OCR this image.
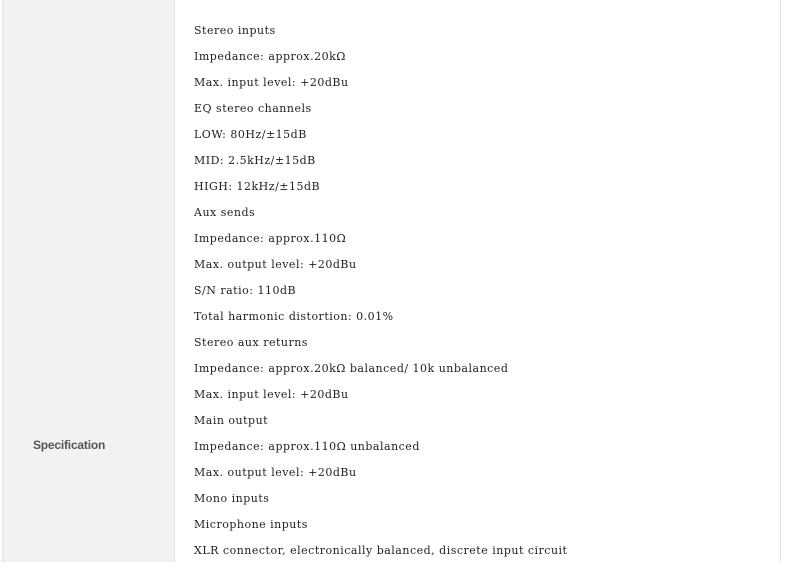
Specification
Stereo inputs
Impedance: approx.20kΩ
Max. input level: +20dBu
EQ stereo channels
LOW: 80Hz/±15dB
MID: 2.5kHz/±15dB
HIGH: 12kHz/±15dB
Aux sends
Impedance: approx.110Ω
Max. output level: +20dBu
S/N ratio: 110dB
Total harmonic distortion: 0.01%
Stereo aux returns
Impedance: approx.20kΩ balanced/ 10k unbalanced
Max. input level: +20dBu
Main output
Impedance: approx.110Ω unbalanced
Max. output level: +20dBu
Mono inputs
Microphone inputs
XLR connector, electronically balanced, discrete input circuit
